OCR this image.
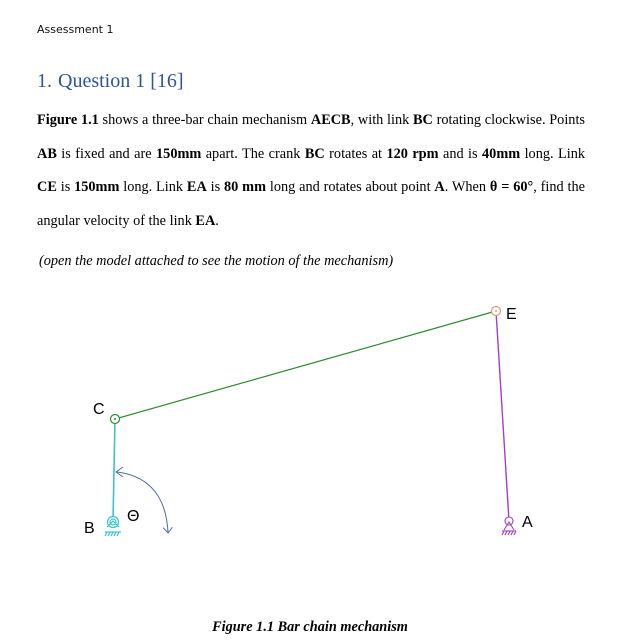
Assessment 1
1. Question 1 [16]
Figure 1.1 shows a three-bar chain mechanism AECB, with link BC rotating clockwise. Points AB is fixed and are 150mm apart. The crank BC rotates at 120 rpm and is 40mm long. Link CE is 150mm long. Link EA is 80 mm long and rotates about point A. When θ = 60°, find the angular velocity of the link EA.
(open the model attached to see the motion of the mechanism)
C
E
B	A
Θ
Figure 1.1 Bar chain mechanism
